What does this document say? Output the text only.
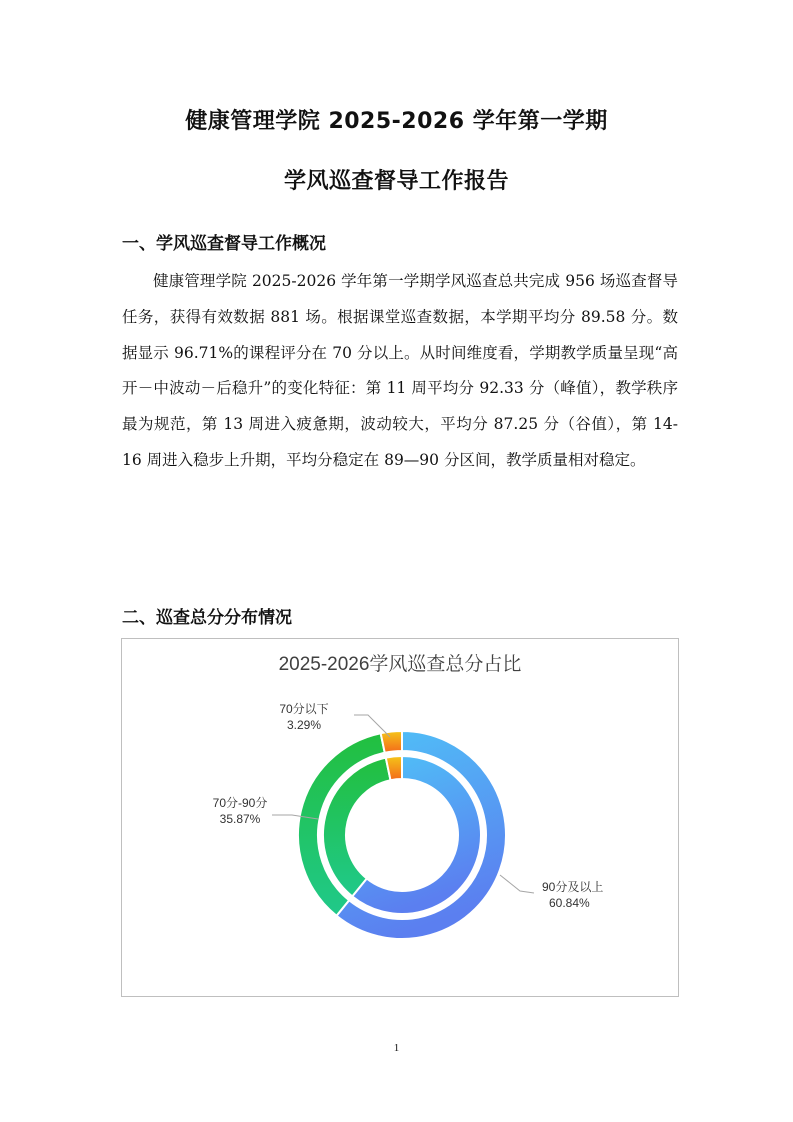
健康管理学院 2025-2026 学年第一学期
学风巡查督导工作报告
一、学风巡查督导工作概况

健康管理学院 2025-2026 学年第一学期学风巡查总共完成 956 场巡查督导任务，获得有效数据 881 场。根据课堂巡查数据，本学期平均分 89.58 分。数据显示 96.71%的课程评分在 70 分以上。从时间维度看，学期教学质量呈现“高开－中波动－后稳升”的变化特征：第 11 周平均分 92.33 分（峰值），教学秩序最为规范，第 13 周进入疲惫期，波动较大，平均分 87.25 分（谷值），第 14-16 周进入稳步上升期，平均分稳定在 89—90 分区间，教学质量相对稳定。

二、巡查总分分布情况
2025-2026学风巡查总分占比
90分及以上
60.84%
70分-90分
35.87%
70分以下
3.29%
1
